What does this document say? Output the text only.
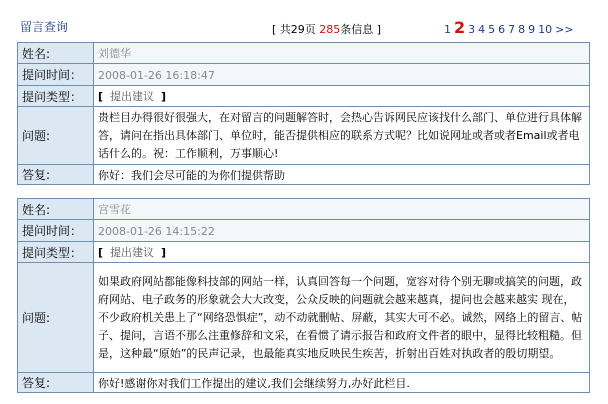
留言查询	[ 共29页 285条信息 ]	1 2 3 4 5 6 7 8 9 10 >>
姓名:	刘德华
提问时间：	2008-01-26 16:18:47
提问类型：	[ 提出建议 ]
问题:	贵栏目办得很好很强大，在对留言的问题解答时，会热心告诉网民应该找什么部门、单位进行具体解答，请问在指出具体部门、单位时，能否提供相应的联系方式呢？比如说网址或者或者Email或者电话什么的。祝：工作顺利，万事顺心!

答复:	你好：我们会尽可能的为你们提供帮助
姓名:	宫雪花
提问时间：	2008-01-26 14:15:22
提问类型：	[ 提出建议 ]
问题:	如果政府网站都能像科技部的网站一样，认真回答每一个问题，宽容对待个别无聊或搞笑的问题，政府网站、电子政务的形象就会大大改变，公众反映的问题就会越来越真，提问也会越来越实 现在，不少政府机关患上了“网络恐惧症”，动不动就删帖、屏蔽，其实大可不必。诚然，网络上的留言、帖子、提问，言语不那么注重修辞和文采，在看惯了请示报告和政府文件者的眼中，显得比较粗糙。但是，这种最“原始”的民声记录，也最能真实地反映民生疾苦，折射出百姓对执政者的殷切期望。

答复:	你好!感谢你对我们工作提出的建议,我们会继续努力,办好此栏目.
